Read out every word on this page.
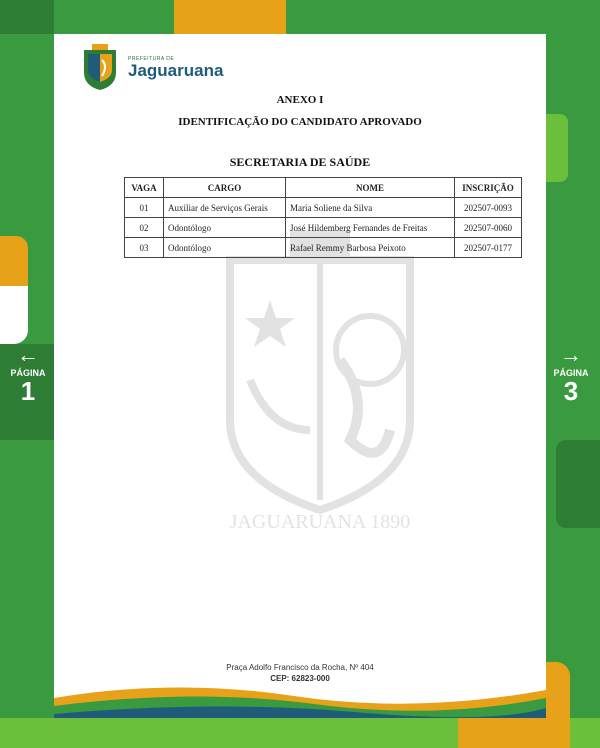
←
PÁGINA
1
→
PÁGINA
3
PREFEITURA DE
Jaguaruana
JAGUARUANA 1890
ANEXO I
IDENTIFICAÇÃO DO CANDIDATO APROVADO
SECRETARIA DE SAÚDE
VAGA	CARGO	NOME	INSCRIÇÃO
01	Auxiliar de Serviços Gerais	Maria Soliene da Silva	202507-0093
02	Odontólogo	José Hildemberg Fernandes de Freitas	202507-0060
03	Odontólogo	Rafael Remmy Barbosa Peixoto	202507-0177
Praça Adolfo Francisco da Rocha, Nº 404
CEP: 62823-000
